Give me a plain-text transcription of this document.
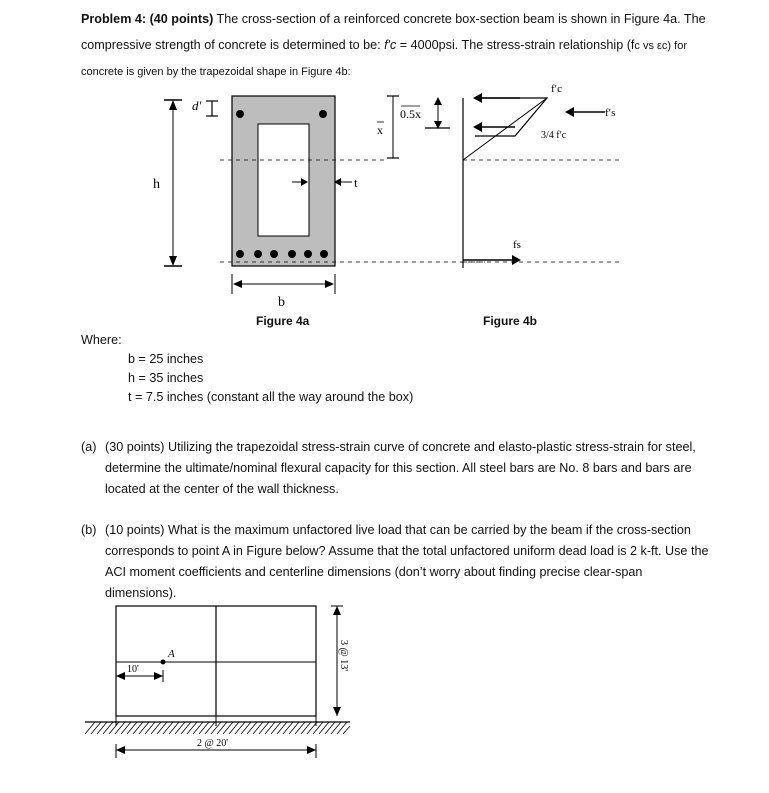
Problem 4: (40 points) The cross-section of a reinforced concrete box-section beam is shown in Figure 4a. The compressive strength of concrete is determined to be: f′c = 4000psi. The stress-strain relationship (fc vs εc) for concrete is given by the trapezoidal shape in Figure 4b:

h
d′
t
b
x
0.5x
Figure 4a
f′c
f′s
3/4 f′c
fs
Figure 4b
Where:
b = 25 inches
h = 35 inches
t = 7.5 inches (constant all the way around the box)
(a) (30 points) Utilizing the trapezoidal stress-strain curve of concrete and elasto-plastic stress-strain for steel, determine the ultimate/nominal flexural capacity for this section. All steel bars are No. 8 bars and bars are located at the center of the wall thickness.
(b) (10 points) What is the maximum unfactored live load that can be carried by the beam if the cross-section corresponds to point A in Figure below? Assume that the total unfactored uniform dead load is 2 k-ft. Use the ACI moment coefficients and centerline dimensions (don’t worry about finding precise clear-span dimensions).
A
10'
2 @ 20'
3 @ 13'
